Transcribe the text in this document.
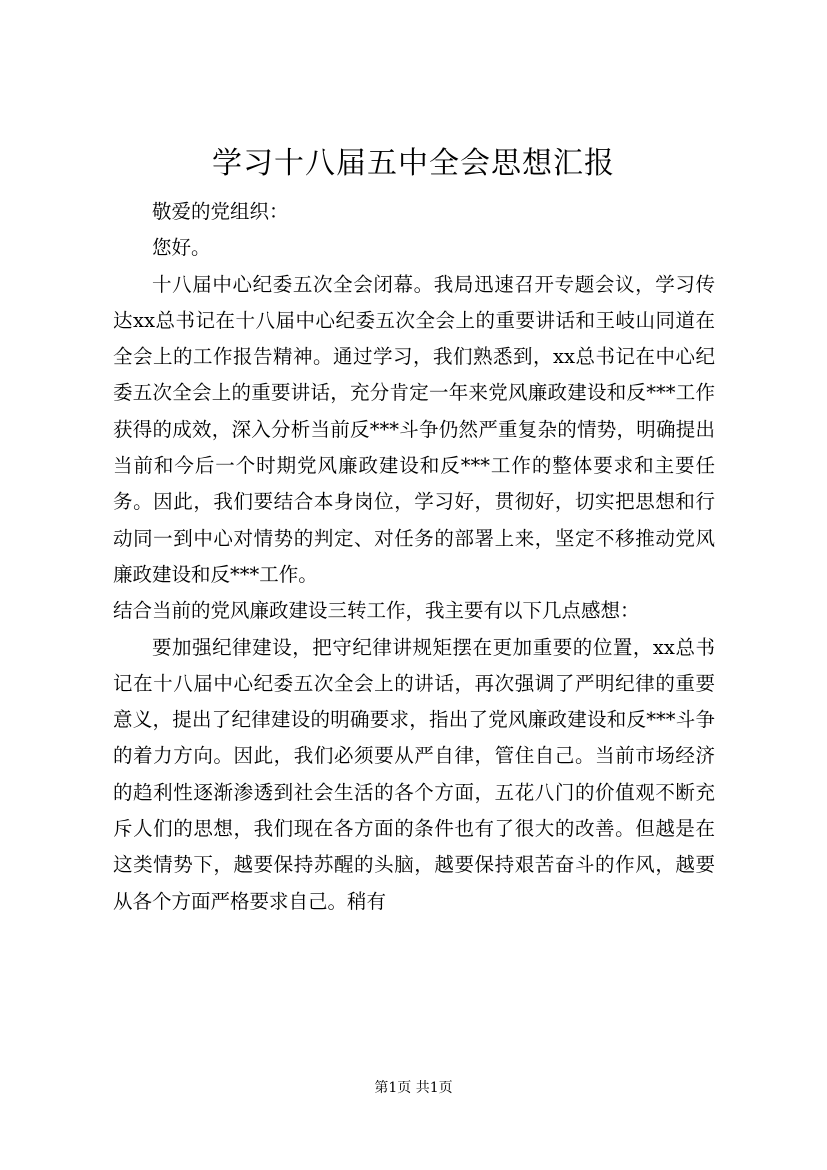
学习十八届五中全会思想汇报

敬爱的党组织：

您好。

十八届中心纪委五次全会闭幕。我局迅速召开专题会议，学习传达xx总书记在十八届中心纪委五次全会上的重要讲话和王岐山同道在全会上的工作报告精神。通过学习，我们熟悉到，xx总书记在中心纪委五次全会上的重要讲话，充分肯定一年来党风廉政建设和反***工作获得的成效，深入分析当前反***斗争仍然严重复杂的情势，明确提出当前和今后一个时期党风廉政建设和反***工作的整体要求和主要任务。因此，我们要结合本身岗位，学习好，贯彻好，切实把思想和行动同一到中心对情势的判定、对任务的部署上来，坚定不移推动党风廉政建设和反***工作。

结合当前的党风廉政建设三转工作，我主要有以下几点感想：

要加强纪律建设，把守纪律讲规矩摆在更加重要的位置，xx总书记在十八届中心纪委五次全会上的讲话，再次强调了严明纪律的重要意义，提出了纪律建设的明确要求，指出了党风廉政建设和反***斗争的着力方向。因此，我们必须要从严自律，管住自己。当前市场经济的趋利性逐渐渗透到社会生活的各个方面，五花八门的价值观不断充斥人们的思想，我们现在各方面的条件也有了很大的改善。但越是在这类情势下，越要保持苏醒的头脑，越要保持艰苦奋斗的作风，越要从各个方面严格要求自己。稍有

第1页 共1页
